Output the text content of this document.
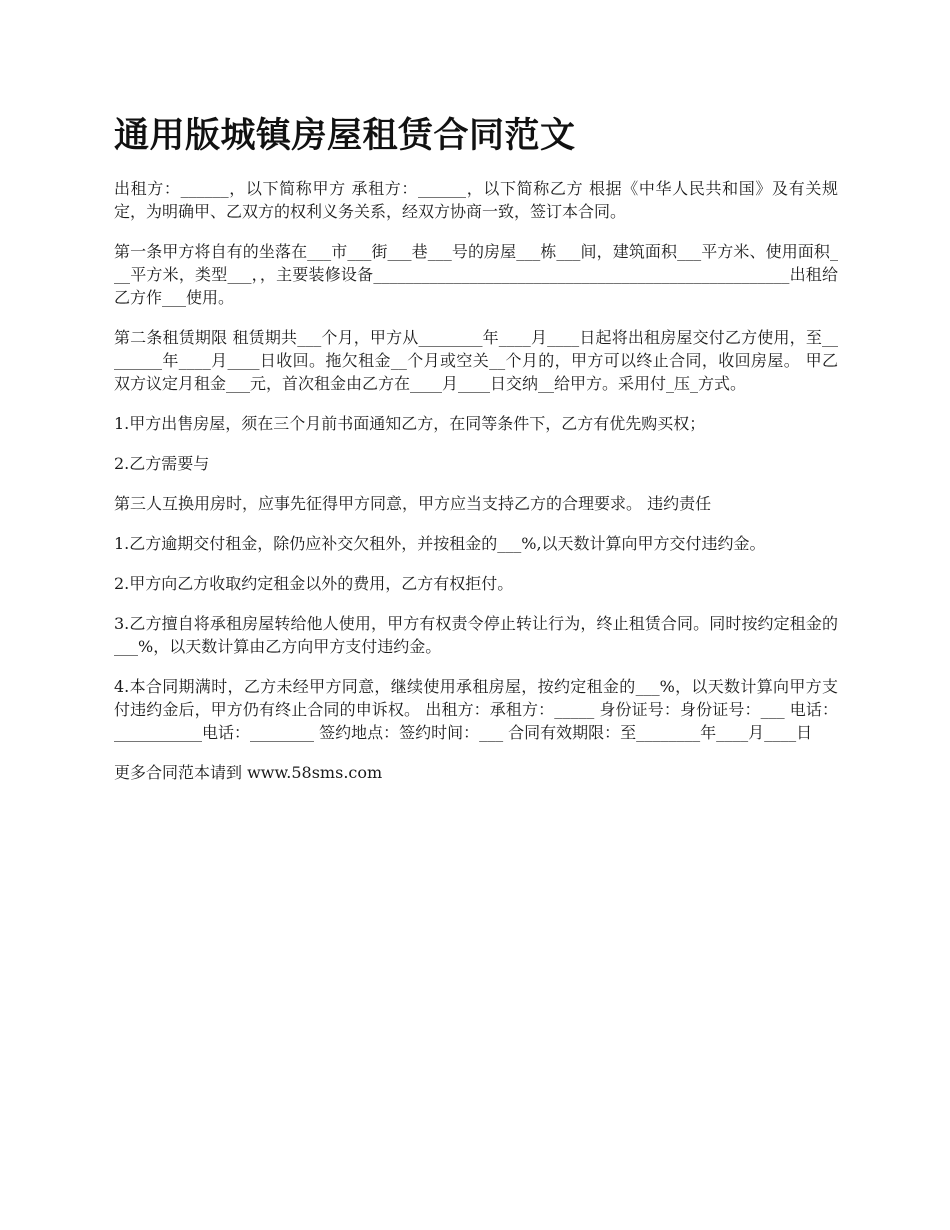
通用版城镇房屋租赁合同范文

出租方：______，以下简称甲方 承租方：______，以下简称乙方 根据《中华人民共和国》及有关规定，为明确甲、乙双方的权利义务关系，经双方协商一致，签订本合同。

第一条甲方将自有的坐落在___市___街___巷___号的房屋___栋___间，建筑面积___平方米、使用面积___平方米，类型___，，主要装修设备____________________________________________________出租给乙方作___使用。

第二条租赁期限 租赁期共___个月，甲方从________年____月____日起将出租房屋交付乙方使用，至________年____月____日收回。拖欠租金__个月或空关__个月的，甲方可以终止合同，收回房屋。 甲乙双方议定月租金___元，首次租金由乙方在____月____日交纳__给甲方。采用付_压_方式。

1.甲方出售房屋，须在三个月前书面通知乙方，在同等条件下，乙方有优先购买权；

2.乙方需要与

第三人互换用房时，应事先征得甲方同意，甲方应当支持乙方的合理要求。 违约责任

1.乙方逾期交付租金，除仍应补交欠租外，并按租金的___%,以天数计算向甲方交付违约金。

2.甲方向乙方收取约定租金以外的费用，乙方有权拒付。

3.乙方擅自将承租房屋转给他人使用，甲方有权责令停止转让行为，终止租赁合同。同时按约定租金的___%，以天数计算由乙方向甲方支付违约金。

4.本合同期满时，乙方未经甲方同意，继续使用承租房屋，按约定租金的___%，以天数计算向甲方支付违约金后，甲方仍有终止合同的申诉权。 出租方：承租方：_____ 身份证号：身份证号：___ 电话：___________电话：________ 签约地点：签约时间：___ 合同有效期限：至________年____月____日

更多合同范本请到 www.58sms.com
